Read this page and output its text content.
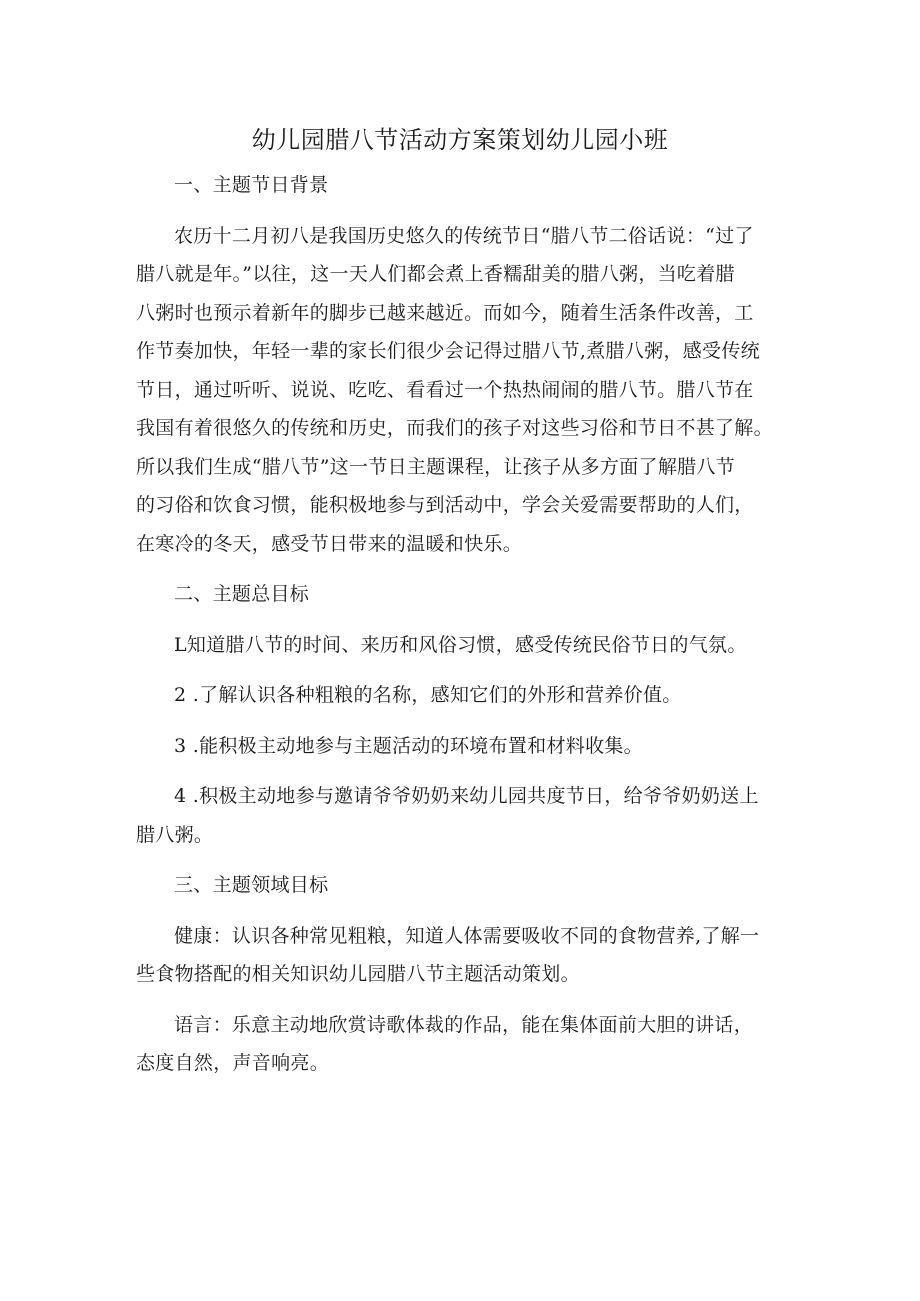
幼儿园腊八节活动方案策划幼儿园小班
一、主题节日背景
农历十二月初八是我国历史悠久的传统节日“腊八节二俗话说：“过了
腊八就是年。”以往，这一天人们都会煮上香糯甜美的腊八粥，当吃着腊
八粥时也预示着新年的脚步已越来越近。而如今，随着生活条件改善，工
作节奏加快，年轻一辈的家长们很少会记得过腊八节,煮腊八粥，感受传统
节日，通过听听、说说、吃吃、看看过一个热热闹闹的腊八节。腊八节在
我国有着很悠久的传统和历史，而我们的孩子对这些习俗和节日不甚了解。
所以我们生成“腊八节”这一节日主题课程，让孩子从多方面了解腊八节
的习俗和饮食习惯，能积极地参与到活动中，学会关爱需要帮助的人们，
在寒冷的冬天，感受节日带来的温暖和快乐。
二、主题总目标
L知道腊八节的时间、来历和风俗习惯，感受传统民俗节日的气氛。
2 .了解认识各种粗粮的名称，感知它们的外形和营养价值。
3 .能积极主动地参与主题活动的环境布置和材料收集。
4 .积极主动地参与邀请爷爷奶奶来幼儿园共度节日，给爷爷奶奶送上
腊八粥。
三、主题领域目标
健康：认识各种常见粗粮，知道人体需要吸收不同的食物营养,了解一
些食物搭配的相关知识幼儿园腊八节主题活动策划。
语言：乐意主动地欣赏诗歌体裁的作品，能在集体面前大胆的讲话，
态度自然，声音响亮。
